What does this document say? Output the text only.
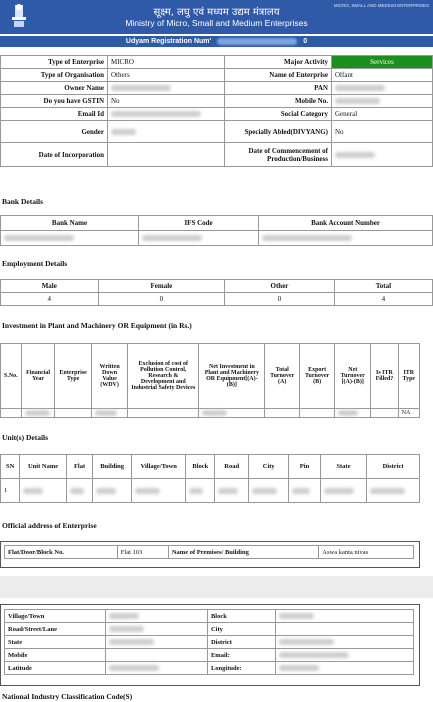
सूक्ष्म, लघु एवं मध्यम उद्यम मंत्रालय
Ministry of Micro, Small and Medium Enterprises
MICRO, SMALL AND MEDIUM ENTERPRISES
Udyam Registration Num'	0
Type of Enterprise	MICRO	Major Activity	Services
Type of Organisation	Others	Name of Enterprise	Olfant
Owner Name		PAN	
Do you have GSTIN	No	Mobile No.	
Email Id		Social Category	General
Gender		Specially Abled(DIVYANG)	No
Date of Incorporation		Date of Commencement of Production/Business	
Bank Details
Bank Name	IFS Code	Bank Account Number

Employment Details
Male	Female	Other	Total
4	0	0	4
Investment in Plant and Machinery OR Equipment (in Rs.)
S.No.	Financial Year	Enterprise Type	Written Down Value (WDV)	Exclusion of cost of Pollution Control, Research & Development and Industrial Safety Devices	Net Investment in Plant and Machinery OR Equipment[(A)-(B)]	Total Turnover (A)	Export Turnover (B)	Net Turnover [(A)-(B)]	Is ITR Filled?	ITR Type
										NA
Unit(s) Details
SN	Unit Name	Flat	Building	Village/Town	Block	Road	City	Pin	State	District
1										
Official address of Enterprise
Flat/Door/Block No.	Flat 103	Name of Premises/ Building	Aswa kanta nivas
Village/Town		Block	
Road/Street/Lane		City	
State		District	
Mobile		Email:	
Latitude		Longitude:	
National Industry Classification Code(S)
